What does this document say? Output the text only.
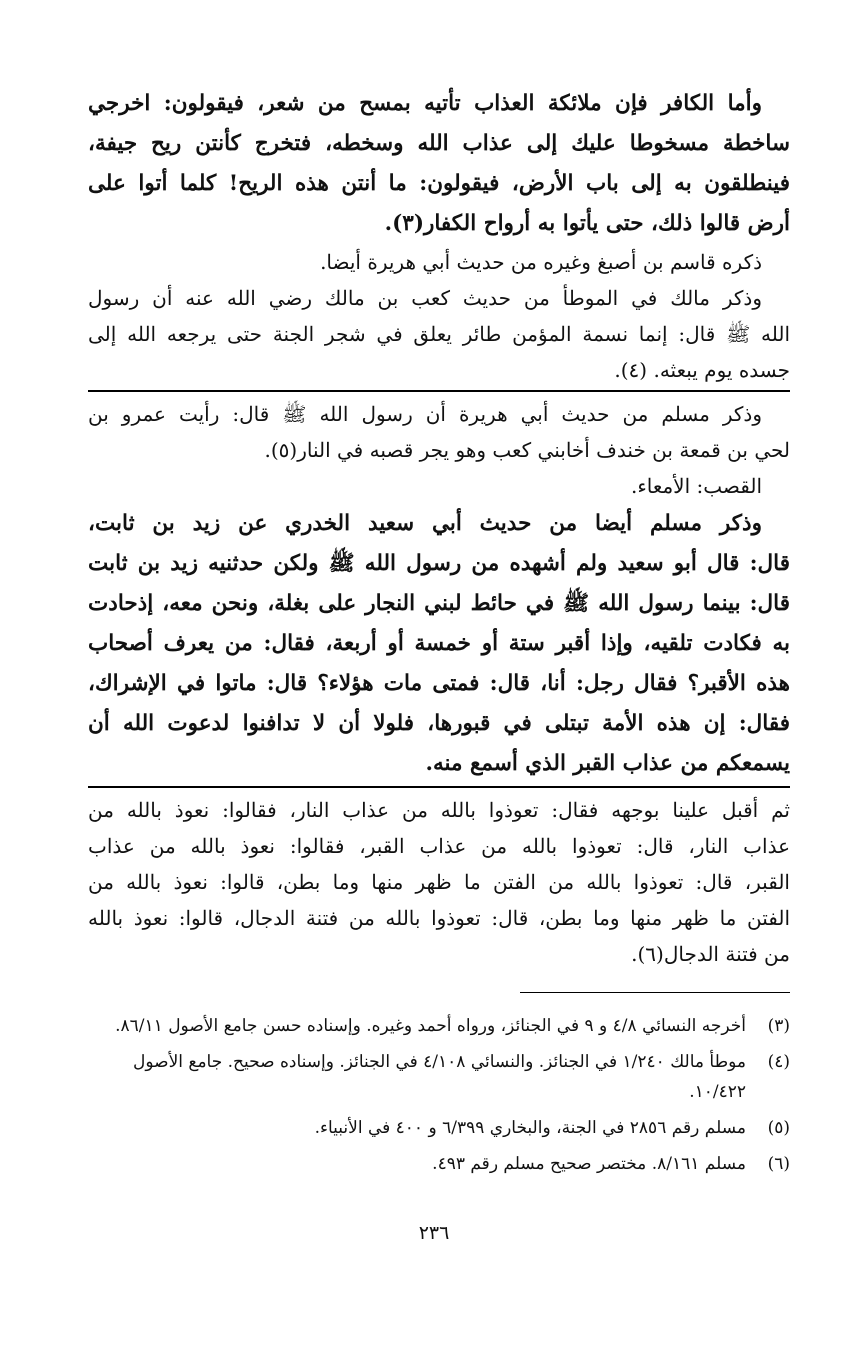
وأما الكافر فإن ملائكة العذاب تأتيه بمسح من شعر، فيقولون: اخرجي
ساخطة مسخوطا عليك إلى عذاب الله وسخطه، فتخرج كأنتن ريح جيفة،
فينطلقون به إلى باب الأرض، فيقولون: ما أنتن هذه الريح! كلما أتوا على
أرض قالوا ذلك، حتى يأتوا به أرواح الكفار(٣).
ذكره قاسم بن أصبغ وغيره من حديث أبي هريرة أيضا.
وذكر مالك في الموطأ من حديث كعب بن مالك رضي الله عنه أن رسول
الله ﷺ قال: إنما نسمة المؤمن طائر يعلق في شجر الجنة حتى يرجعه الله إلى
جسده يوم يبعثه. (٤).
وذكر مسلم من حديث أبي هريرة أن رسول الله ﷺ قال: رأيت عمرو بن
لحي بن قمعة بن خندف أخابني كعب وهو يجر قصبه في النار(٥).
القصب: الأمعاء.
وذكر مسلم أيضا من حديث أبي سعيد الخدري عن زيد بن ثابت،
قال: قال أبو سعيد ولم أشهده من رسول الله ﷺ ولكن حدثنيه زيد بن ثابت
قال: بينما رسول الله ﷺ في حائط لبني النجار على بغلة، ونحن معه، إذحادت
به فكادت تلقيه، وإذا أقبر ستة أو خمسة أو أربعة، فقال: من يعرف أصحاب
هذه الأقبر؟ فقال رجل: أنا، قال: فمتى مات هؤلاء؟ قال: ماتوا في الإشراك،
فقال: إن هذه الأمة تبتلى في قبورها، فلولا أن لا تدافنوا لدعوت الله أن
يسمعكم من عذاب القبر الذي أسمع منه.
ثم أقبل علينا بوجهه فقال: تعوذوا بالله من عذاب النار، فقالوا: نعوذ بالله من
عذاب النار، قال: تعوذوا بالله من عذاب القبر، فقالوا: نعوذ بالله من عذاب
القبر، قال: تعوذوا بالله من الفتن ما ظهر منها وما بطن، قالوا: نعوذ بالله من
الفتن ما ظهر منها وما بطن، قال: تعوذوا بالله من فتنة الدجال، قالوا: نعوذ بالله
من فتنة الدجال(٦).
(٣)
أخرجه النسائي ٤/٨ و ٩ في الجنائز، ورواه أحمد وغيره. وإسناده حسن جامع الأصول ٨٦/١١.
(٤)
موطأ مالك ١/٢٤٠ في الجنائز. والنسائي ٤/١٠٨ في الجنائز. وإسناده صحيح. جامع الأصول ١٠/٤٢٢.
(٥)
مسلم رقم ٢٨٥٦ في الجنة، والبخاري ٦/٣٩٩ و ٤٠٠ في الأنبياء.
(٦)
مسلم ٨/١٦١. مختصر صحيح مسلم رقم ٤٩٣.
٢٣٦
